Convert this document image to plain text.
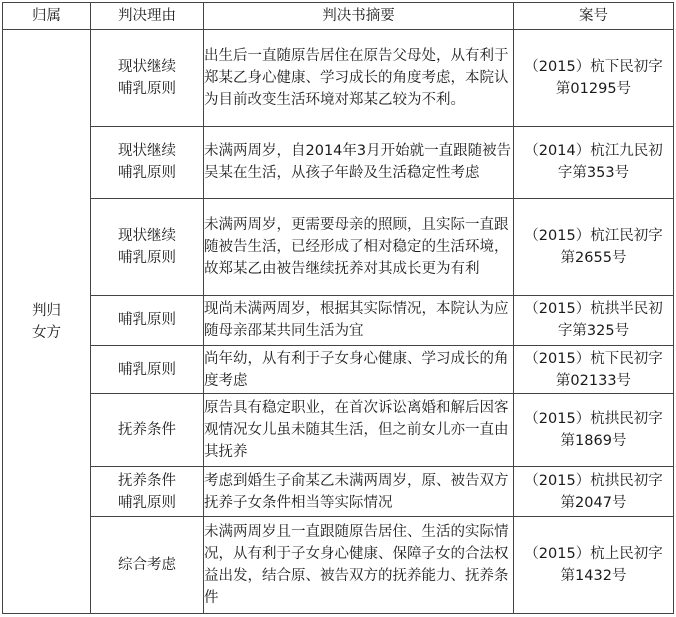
归属	判决理由	判决书摘要	案号
判归
女方	现状继续
哺乳原则	出生后一直随原告居住在原告父母处，从有利于郑某乙身心健康、学习成长的角度考虑，本院认为目前改变生活环境对郑某乙较为不利。	（2015）杭下民初字
第01295号
	现状继续
哺乳原则	未满两周岁，自2014年3月开始就一直跟随被告吴某在生活，从孩子年龄及生活稳定性考虑	（2014）杭江九民初
字第353号
	现状继续
哺乳原则	未满两周岁，更需要母亲的照顾，且实际一直跟随被告生活，已经形成了相对稳定的生活环境，故郑某乙由被告继续抚养对其成长更为有利	（2015）杭江民初字
第2655号
	哺乳原则	现尚未满两周岁，根据其实际情况，本院认为应随母亲邵某共同生活为宜	（2015）杭拱半民初
字第325号
	哺乳原则	尚年幼，从有利于子女身心健康、学习成长的角度考虑	（2015）杭下民初字
第02133号
	抚养条件	原告具有稳定职业，在首次诉讼离婚和解后因客观情况女儿虽未随其生活，但之前女儿亦一直由其抚养	（2015）杭拱民初字
第1869号
	抚养条件
哺乳原则	考虑到婚生子俞某乙未满两周岁，原、被告双方抚养子女条件相当等实际情况	（2015）杭拱民初字
第2047号
	综合考虑	未满两周岁且一直跟随原告居住、生活的实际情况，从有利于子女身心健康、保障子女的合法权益出发，结合原、被告双方的抚养能力、抚养条件	（2015）杭上民初字
第1432号
